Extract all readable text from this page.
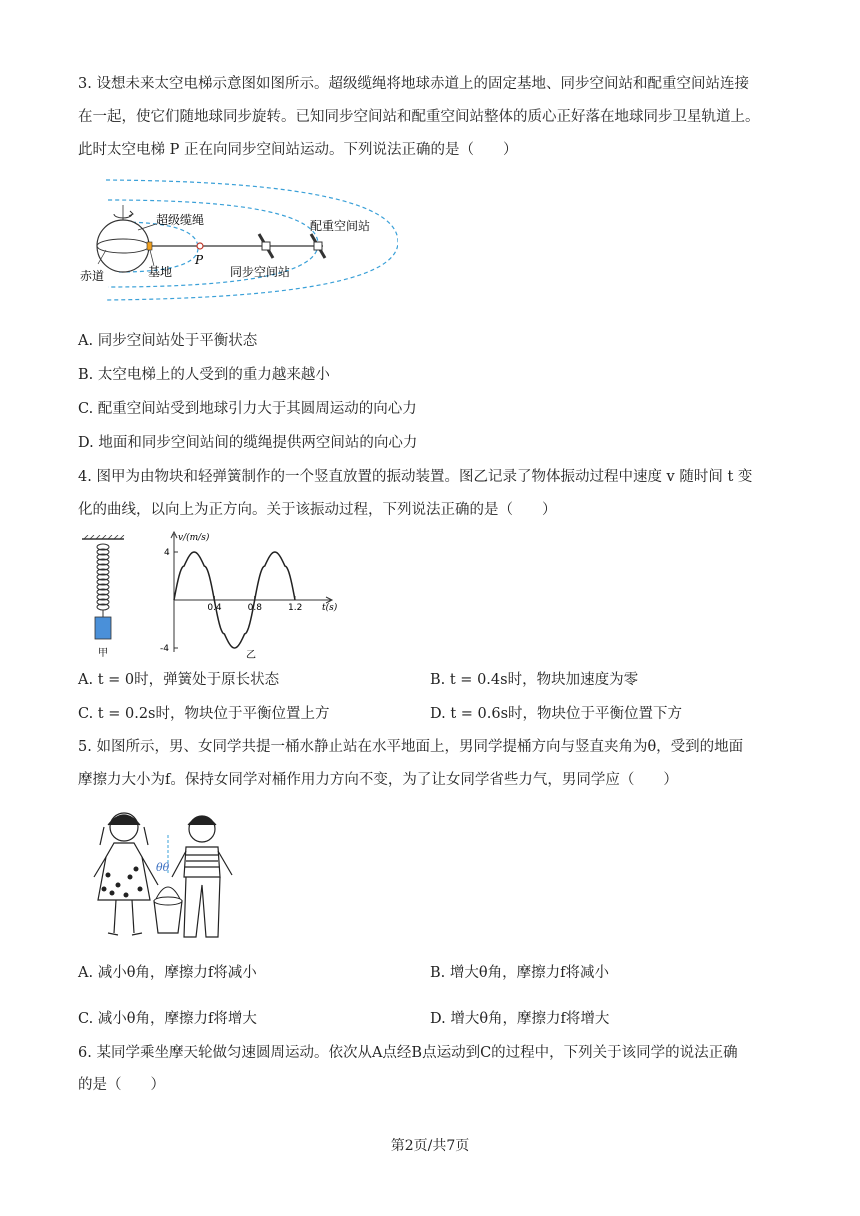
3. 设想未来太空电梯示意图如图所示。超级缆绳将地球赤道上的固定基地、同步空间站和配重空间站连接
在一起，使它们随地球同步旋转。已知同步空间站和配重空间站整体的质心正好落在地球同步卫星轨道上。
此时太空电梯 P 正在向同步空间站运动。下列说法正确的是（　　）
超级缆绳	配重空间站
P
赤道	基地	同步空间站
A. 同步空间站处于平衡状态
B. 太空电梯上的人受到的重力越来越小
C. 配重空间站受到地球引力大于其圆周运动的向心力
D. 地面和同步空间站间的缆绳提供两空间站的向心力
4. 图甲为由物块和轻弹簧制作的一个竖直放置的振动装置。图乙记录了物体振动过程中速度 v 随时间 t 变
化的曲线，以向上为正方向。关于该振动过程，下列说法正确的是（　　）
甲
v/(m/s)
t(s)
0.4	0.8	1.2
4
-4
乙
A. t = 0时，弹簧处于原长状态	B. t = 0.4s时，物块加速度为零
C. t = 0.2s时，物块位于平衡位置上方	D. t = 0.6s时，物块位于平衡位置下方
5. 如图所示，男、女同学共提一桶水静止站在水平地面上，男同学提桶方向与竖直夹角为θ，受到的地面
摩擦力大小为f。保持女同学对桶作用力方向不变，为了让女同学省些力气，男同学应（　　）
θθ
A. 减小θ角，摩擦力f将减小	B. 增大θ角，摩擦力f将减小
C. 减小θ角，摩擦力f将增大	D. 增大θ角，摩擦力f将增大
6. 某同学乘坐摩天轮做匀速圆周运动。依次从A点经B点运动到C的过程中，下列关于该同学的说法正确
的是（　　）
第2页/共7页
